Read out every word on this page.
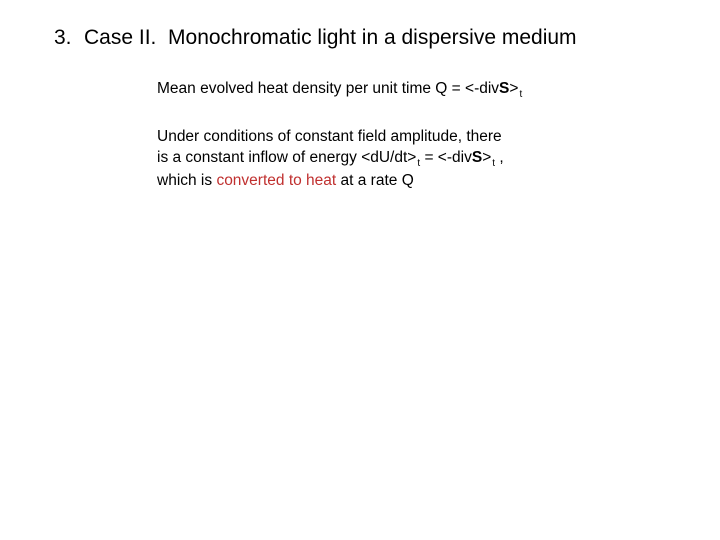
3. Case II.  Monochromatic light in a dispersive medium
Mean evolved heat density per unit time $Q = <-divS>_t$
Under conditions of constant field amplitude, there
is a constant inflow of energy $<dU/dt>_t$ = $<-divS>_t$ ,
which is converted to heat at a rate Q
